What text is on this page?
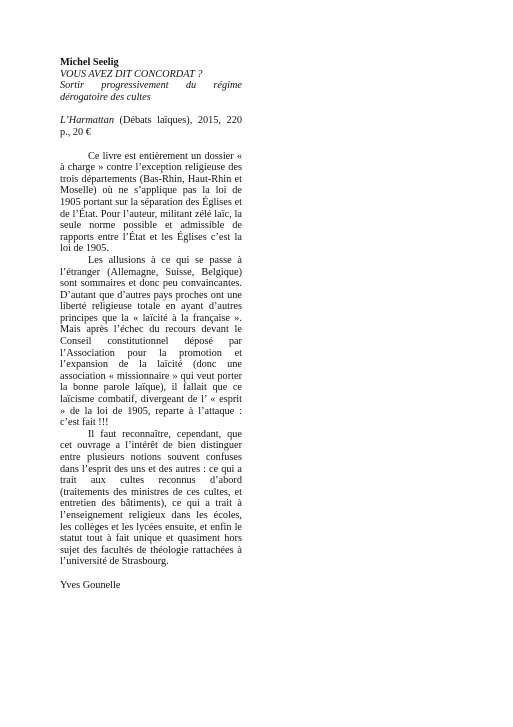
Michel Seelig

VOUS AVEZ DIT CONCORDAT ?

Sortir progressivement du régime dérogatoire des cultes

L’Harmattan (Débats laïques), 2015, 220 p., 20 €

Ce livre est entièrement un dossier « à charge » contre l’exception religieuse des trois départements (Bas-Rhin, Haut-Rhin et Moselle) où ne s’applique pas la loi de 1905 portant sur la séparation des Églises et de l’État. Pour l’auteur, militant zélé laïc, la seule norme possible et admissible de rapports entre l’État et les Églises c’est la loi de 1905.

Les allusions à ce qui se passe à l’étranger (Allemagne, Suisse, Belgique) sont sommaires et donc peu convaincantes. D’autant que d’autres pays proches ont une liberté religieuse totale en ayant d’autres principes que la « laïcité à la française ». Mais après l’échec du recours devant le Conseil constitutionnel déposé par l’Association pour la promotion et l’expansion de la laïcité (donc une association « missionnaire » qui veut porter la bonne parole laïque), il fallait que ce laïcisme combatif, divergeant de l’ « esprit » de la loi de 1905, reparte à l’attaque : c’est fait !!!

Il faut reconnaître, cependant, que cet ouvrage a l’intérêt de bien distinguer entre plusieurs notions souvent confuses dans l’esprit des uns et des autres : ce qui a trait aux cultes reconnus d’abord (traitements des ministres de ces cultes, et entretien des bâtiments), ce qui a trait à l’enseignement religieux dans les écoles, les collèges et les lycées ensuite, et enfin le statut tout à fait unique et quasiment hors sujet des facultés de théologie rattachées à l’université de Strasbourg.

Yves Gounelle
